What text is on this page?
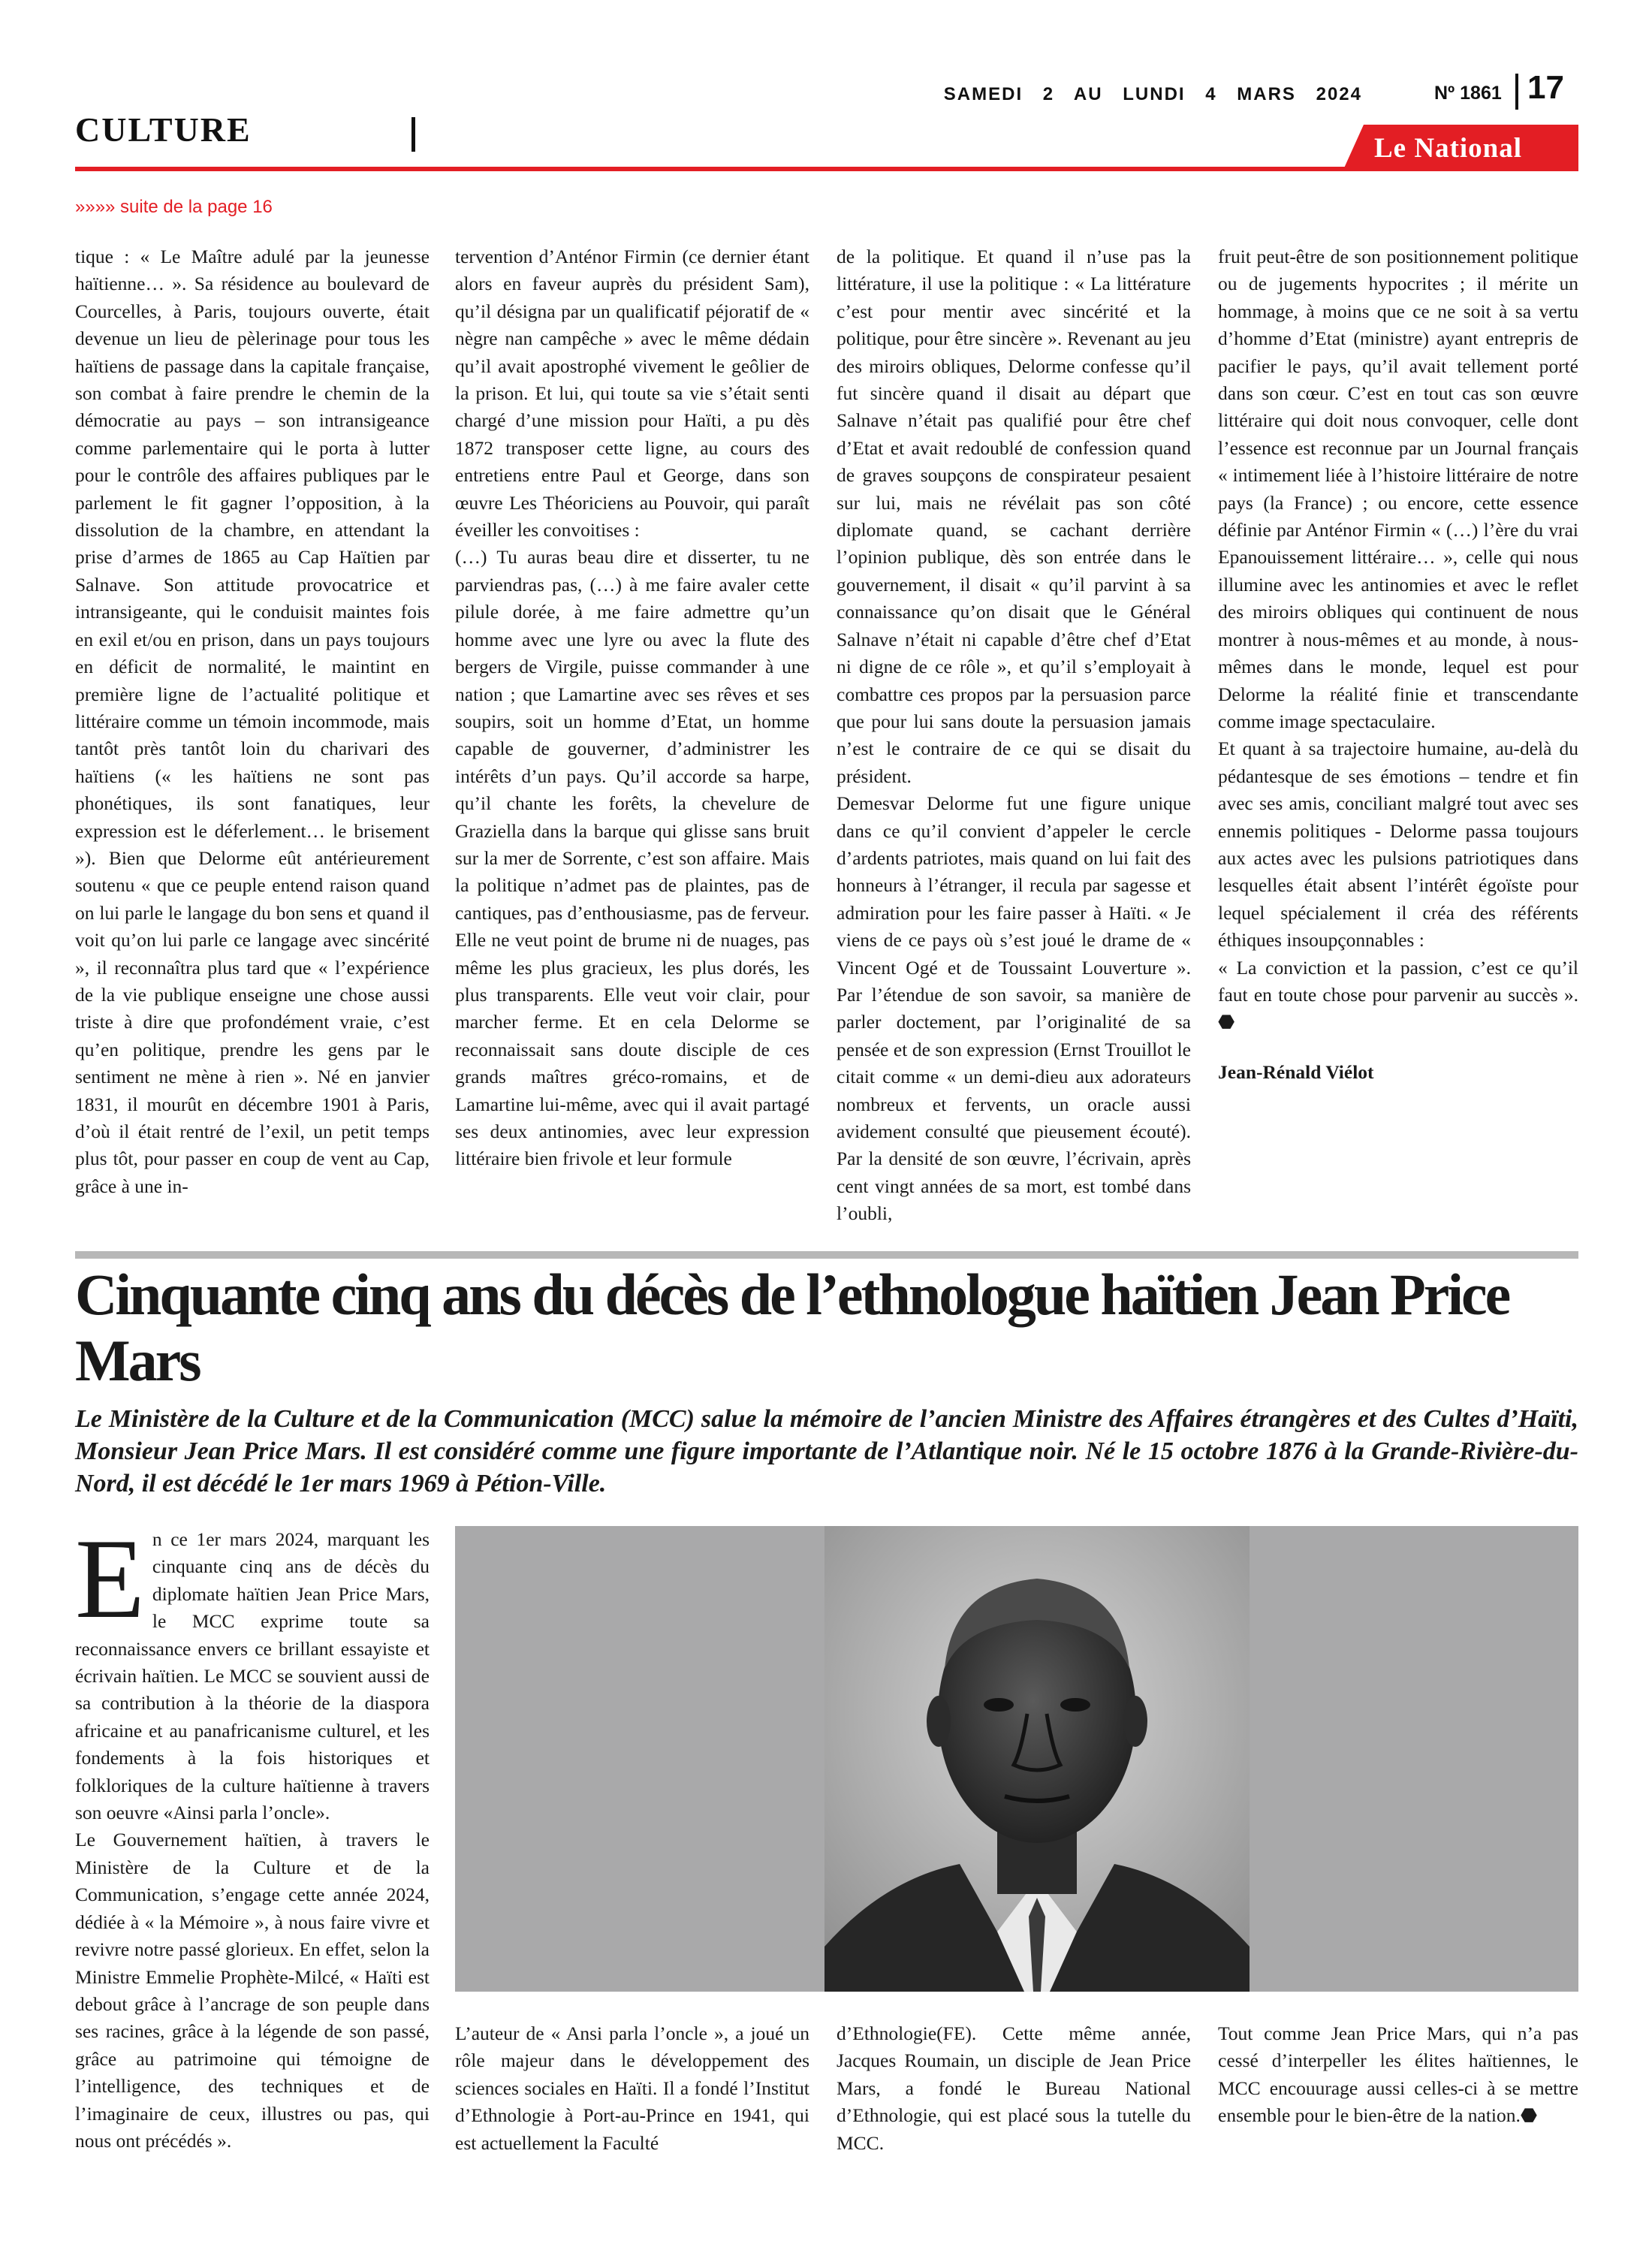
CULTURE
SAMEDI 2 AU LUNDI 4 MARS 2024	Nº 1861 17
Le National
»»»» suite de la page 16

tique : « Le Maître adulé par la jeunesse haïtienne… ». Sa résidence au boulevard de Courcelles, à Paris, toujours ouverte, était devenue un lieu de pèlerinage pour tous les haïtiens de passage dans la capitale française, son combat à faire prendre le chemin de la démocratie au pays – son intransigeance comme parlementaire qui le porta à lutter pour le contrôle des affaires publiques par le parlement le fit gagner l’opposition, à la dissolution de la chambre, en attendant la prise d’armes de 1865 au Cap Haïtien par Salnave. Son attitude provocatrice et intransigeante, qui le conduisit maintes fois en exil et/ou en prison, dans un pays toujours en déficit de normalité, le maintint en première ligne de l’actualité politique et littéraire comme un témoin incommode, mais tantôt près tantôt loin du charivari des haïtiens (« les haïtiens ne sont pas phonétiques, ils sont fanatiques, leur expression est le déferlement… le brisement »). Bien que Delorme eût antérieurement soutenu « que ce peuple entend raison quand on lui parle le langage du bon sens et quand il voit qu’on lui parle ce langage avec sincérité », il reconnaîtra plus tard que « l’expérience de la vie publique enseigne une chose aussi triste à dire que profondément vraie, c’est qu’en politique, prendre les gens par le sentiment ne mène à rien ». Né en janvier 1831, il mourût en décembre 1901 à Paris, d’où il était rentré de l’exil, un petit temps plus tôt, pour passer en coup de vent au Cap, grâce à une in-

tervention d’Anténor Firmin (ce dernier étant alors en faveur auprès du président Sam), qu’il désigna par un qualificatif péjoratif de « nègre nan campêche » avec le même dédain qu’il avait apostrophé vivement le geôlier de la prison. Et lui, qui toute sa vie s’était senti chargé d’une mission pour Haïti, a pu dès 1872 transposer cette ligne, au cours des entretiens entre Paul et George, dans son œuvre Les Théoriciens au Pouvoir, qui paraît éveiller les convoitises :

(…) Tu auras beau dire et disserter, tu ne parviendras pas, (…) à me faire avaler cette pilule dorée, à me faire admettre qu’un homme avec une lyre ou avec la flute des bergers de Virgile, puisse commander à une nation ; que Lamartine avec ses rêves et ses soupirs, soit un homme d’Etat, un homme capable de gouverner, d’administrer les intérêts d’un pays. Qu’il accorde sa harpe, qu’il chante les forêts, la chevelure de Graziella dans la barque qui glisse sans bruit sur la mer de Sorrente, c’est son affaire. Mais la politique n’admet pas de plaintes, pas de cantiques, pas d’enthousiasme, pas de ferveur. Elle ne veut point de brume ni de nuages, pas même les plus gracieux, les plus dorés, les plus transparents. Elle veut voir clair, pour marcher ferme. Et en cela Delorme se reconnaissait sans doute disciple de ces grands maîtres gréco-romains, et de Lamartine lui-même, avec qui il avait partagé ses deux antinomies, avec leur expression littéraire bien frivole et leur formule

de la politique. Et quand il n’use pas la littérature, il use la politique : « La littérature c’est pour mentir avec sincérité et la politique, pour être sincère ». Revenant au jeu des miroirs obliques, Delorme confesse qu’il fut sincère quand il disait au départ que Salnave n’était pas qualifié pour être chef d’Etat et avait redoublé de confession quand de graves soupçons de conspirateur pesaient sur lui, mais ne révélait pas son côté diplomate quand, se cachant derrière l’opinion publique, dès son entrée dans le gouvernement, il disait « qu’il parvint à sa connaissance qu’on disait que le Général Salnave n’était ni capable d’être chef d’Etat ni digne de ce rôle », et qu’il s’employait à combattre ces propos par la persuasion parce que pour lui sans doute la persuasion jamais n’est le contraire de ce qui se disait du président.

Demesvar Delorme fut une figure unique dans ce qu’il convient d’appeler le cercle d’ardents patriotes, mais quand on lui fait des honneurs à l’étranger, il recula par sagesse et admiration pour les faire passer à Haïti. « Je viens de ce pays où s’est joué le drame de « Vincent Ogé et de Toussaint Louverture ». Par l’étendue de son savoir, sa manière de parler doctement, par l’originalité de sa pensée et de son expression (Ernst Trouillot le citait comme « un demi-dieu aux adorateurs nombreux et fervents, un oracle aussi avidement consulté que pieusement écouté). Par la densité de son œuvre, l’écrivain, après cent vingt années de sa mort, est tombé dans l’oubli,

fruit peut-être de son positionnement politique ou de jugements hypocrites ; il mérite un hommage, à moins que ce ne soit à sa vertu d’homme d’Etat (ministre) ayant entrepris de pacifier le pays, qu’il avait tellement porté dans son cœur. C’est en tout cas son œuvre littéraire qui doit nous convoquer, celle dont l’essence est reconnue par un Journal français « intimement liée à l’histoire littéraire de notre pays (la France) ; ou encore, cette essence définie par Anténor Firmin « (…) l’ère du vrai Epanouissement littéraire… », celle qui nous illumine avec les antinomies et avec le reflet des miroirs obliques qui continuent de nous montrer à nous-mêmes et au monde, à nous-mêmes dans le monde, lequel est pour Delorme la réalité finie et transcendante comme image spectaculaire.

Et quant à sa trajectoire humaine, au-delà du pédantesque de ses émotions – tendre et fin avec ses amis, conciliant malgré tout avec ses ennemis politiques - Delorme passa toujours aux actes avec les pulsions patriotiques dans lesquelles était absent l’intérêt égoïste pour lequel spécialement il créa des référents éthiques insoupçonnables :

« La conviction et la passion, c’est ce qu’il faut en toute chose pour parvenir au succès ». ⬣

Jean-Rénald Viélot

Cinquante cinq ans du décès de l’ethnologue haïtien Jean Price Mars

Le Ministère de la Culture et de la Communication (MCC) salue la mémoire de l’ancien Ministre des Affaires étrangères et des Cultes d’Haïti, Monsieur Jean Price Mars. Il est considéré comme une figure importante de l’Atlantique noir. Né le 15 octobre 1876 à la Grande-Rivière-du-Nord, il est décédé le 1er mars 1969 à Pétion-Ville.

E n ce 1er mars 2024, marquant les cinquante cinq ans de décès du diplomate haïtien Jean Price Mars, le MCC exprime toute sa reconnaissance envers ce brillant essayiste et écrivain haïtien. Le MCC se souvient aussi de sa contribution à la théorie de la diaspora africaine et au panafricanisme culturel, et les fondements à la fois historiques et folkloriques de la culture haïtienne à travers son oeuvre «Ainsi parla l’oncle».

Le Gouvernement haïtien, à travers le Ministère de la Culture et de la Communication, s’engage cette année 2024, dédiée à « la Mémoire », à nous faire vivre et revivre notre passé glorieux. En effet, selon la Ministre Emmelie Prophète-Milcé, « Haïti est debout grâce à l’ancrage de son peuple dans ses racines, grâce à la légende de son passé, grâce au patrimoine qui témoigne de l’intelligence, des techniques et de l’imaginaire de ceux, illustres ou pas, qui nous ont précédés ».

L’auteur de « Ansi parla l’oncle », a joué un rôle majeur dans le développement des sciences sociales en Haïti. Il a fondé l’Institut d’Ethnologie à Port-au-Prince en 1941, qui est actuellement la Faculté

d’Ethnologie(FE). Cette même année, Jacques Roumain, un disciple de Jean Price Mars, a fondé le Bureau National d’Ethnologie, qui est placé sous la tutelle du MCC.

Tout comme Jean Price Mars, qui n’a pas cessé d’interpeller les élites haïtiennes, le MCC encouurage aussi celles-ci à se mettre ensemble pour le bien-être de la nation.⬣
